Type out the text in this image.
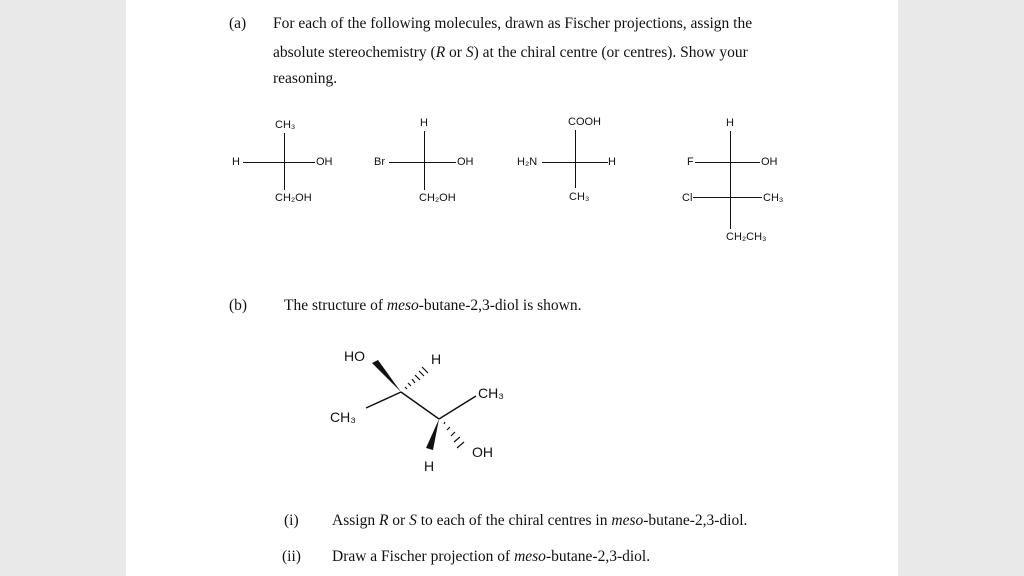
(a) For each of the following molecules, drawn as Fischer projections, assign the
absolute stereochemistry (R or S) at the chiral centre (or centres). Show your
reasoning.
CH₃
H	OH
CH₂OH
H
Br	OH
CH₂OH
COOH
H₂N	H
CH₃
H
F	OH
Cl	CH₃
CH₂CH₃
(b) The structure of meso-butane-2,3-diol is shown.
HO	H
CH₃
CH₃
H
OH
(i) Assign R or S to each of the chiral centres in meso-butane-2,3-diol.
(ii) Draw a Fischer projection of meso-butane-2,3-diol.
